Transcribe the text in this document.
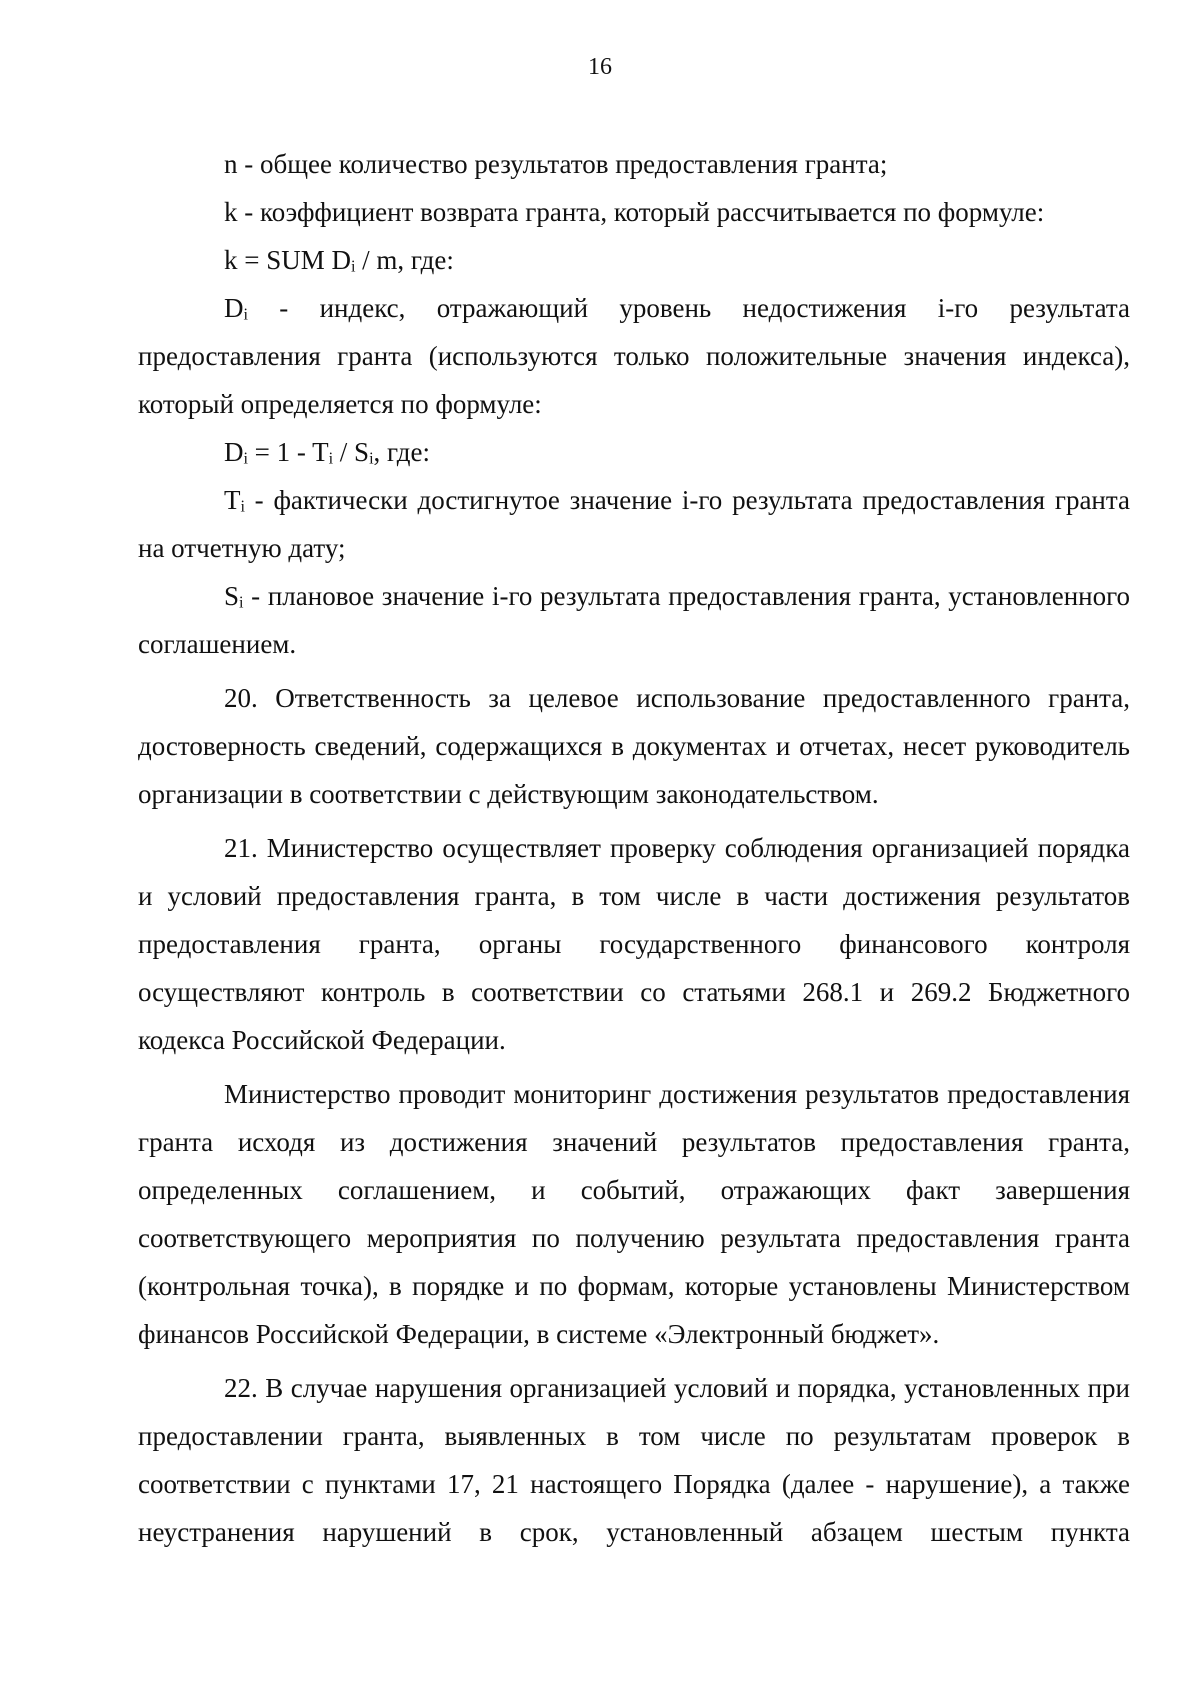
16

n - общее количество результатов предоставления гранта;

k - коэффициент возврата гранта, который рассчитывается по формуле:

k = SUM Dᵢ / m, где:

Dᵢ - индекс, отражающий уровень недостижения i-го результата предоставления гранта (используются только положительные значения индекса), который определяется по формуле:

Dᵢ = 1 - Tᵢ / Sᵢ, где:

Tᵢ - фактически достигнутое значение i-го результата предоставления гранта на отчетную дату;

Sᵢ - плановое значение i-го результата предоставления гранта, установленного соглашением.

20. Ответственность за целевое использование предоставленного гранта, достоверность сведений, содержащихся в документах и отчетах, несет руководитель организации в соответствии с действующим законодательством.

21. Министерство осуществляет проверку соблюдения организацией порядка и условий предоставления гранта, в том числе в части достижения результатов предоставления гранта, органы государственного финансового контроля осуществляют контроль в соответствии со статьями 268.1 и 269.2 Бюджетного кодекса Российской Федерации.

Министерство проводит мониторинг достижения результатов предоставления гранта исходя из достижения значений результатов предоставления гранта, определенных соглашением, и событий, отражающих факт завершения соответствующего мероприятия по получению результата предоставления гранта (контрольная точка), в порядке и по формам, которые установлены Министерством финансов Российской Федерации, в системе «Электронный бюджет».

22. В случае нарушения организацией условий и порядка, установленных при предоставлении гранта, выявленных в том числе по результатам проверок в соответствии с пунктами 17, 21 настоящего Порядка (далее - нарушение), а также неустранения нарушений в срок, установленный абзацем шестым пункта
